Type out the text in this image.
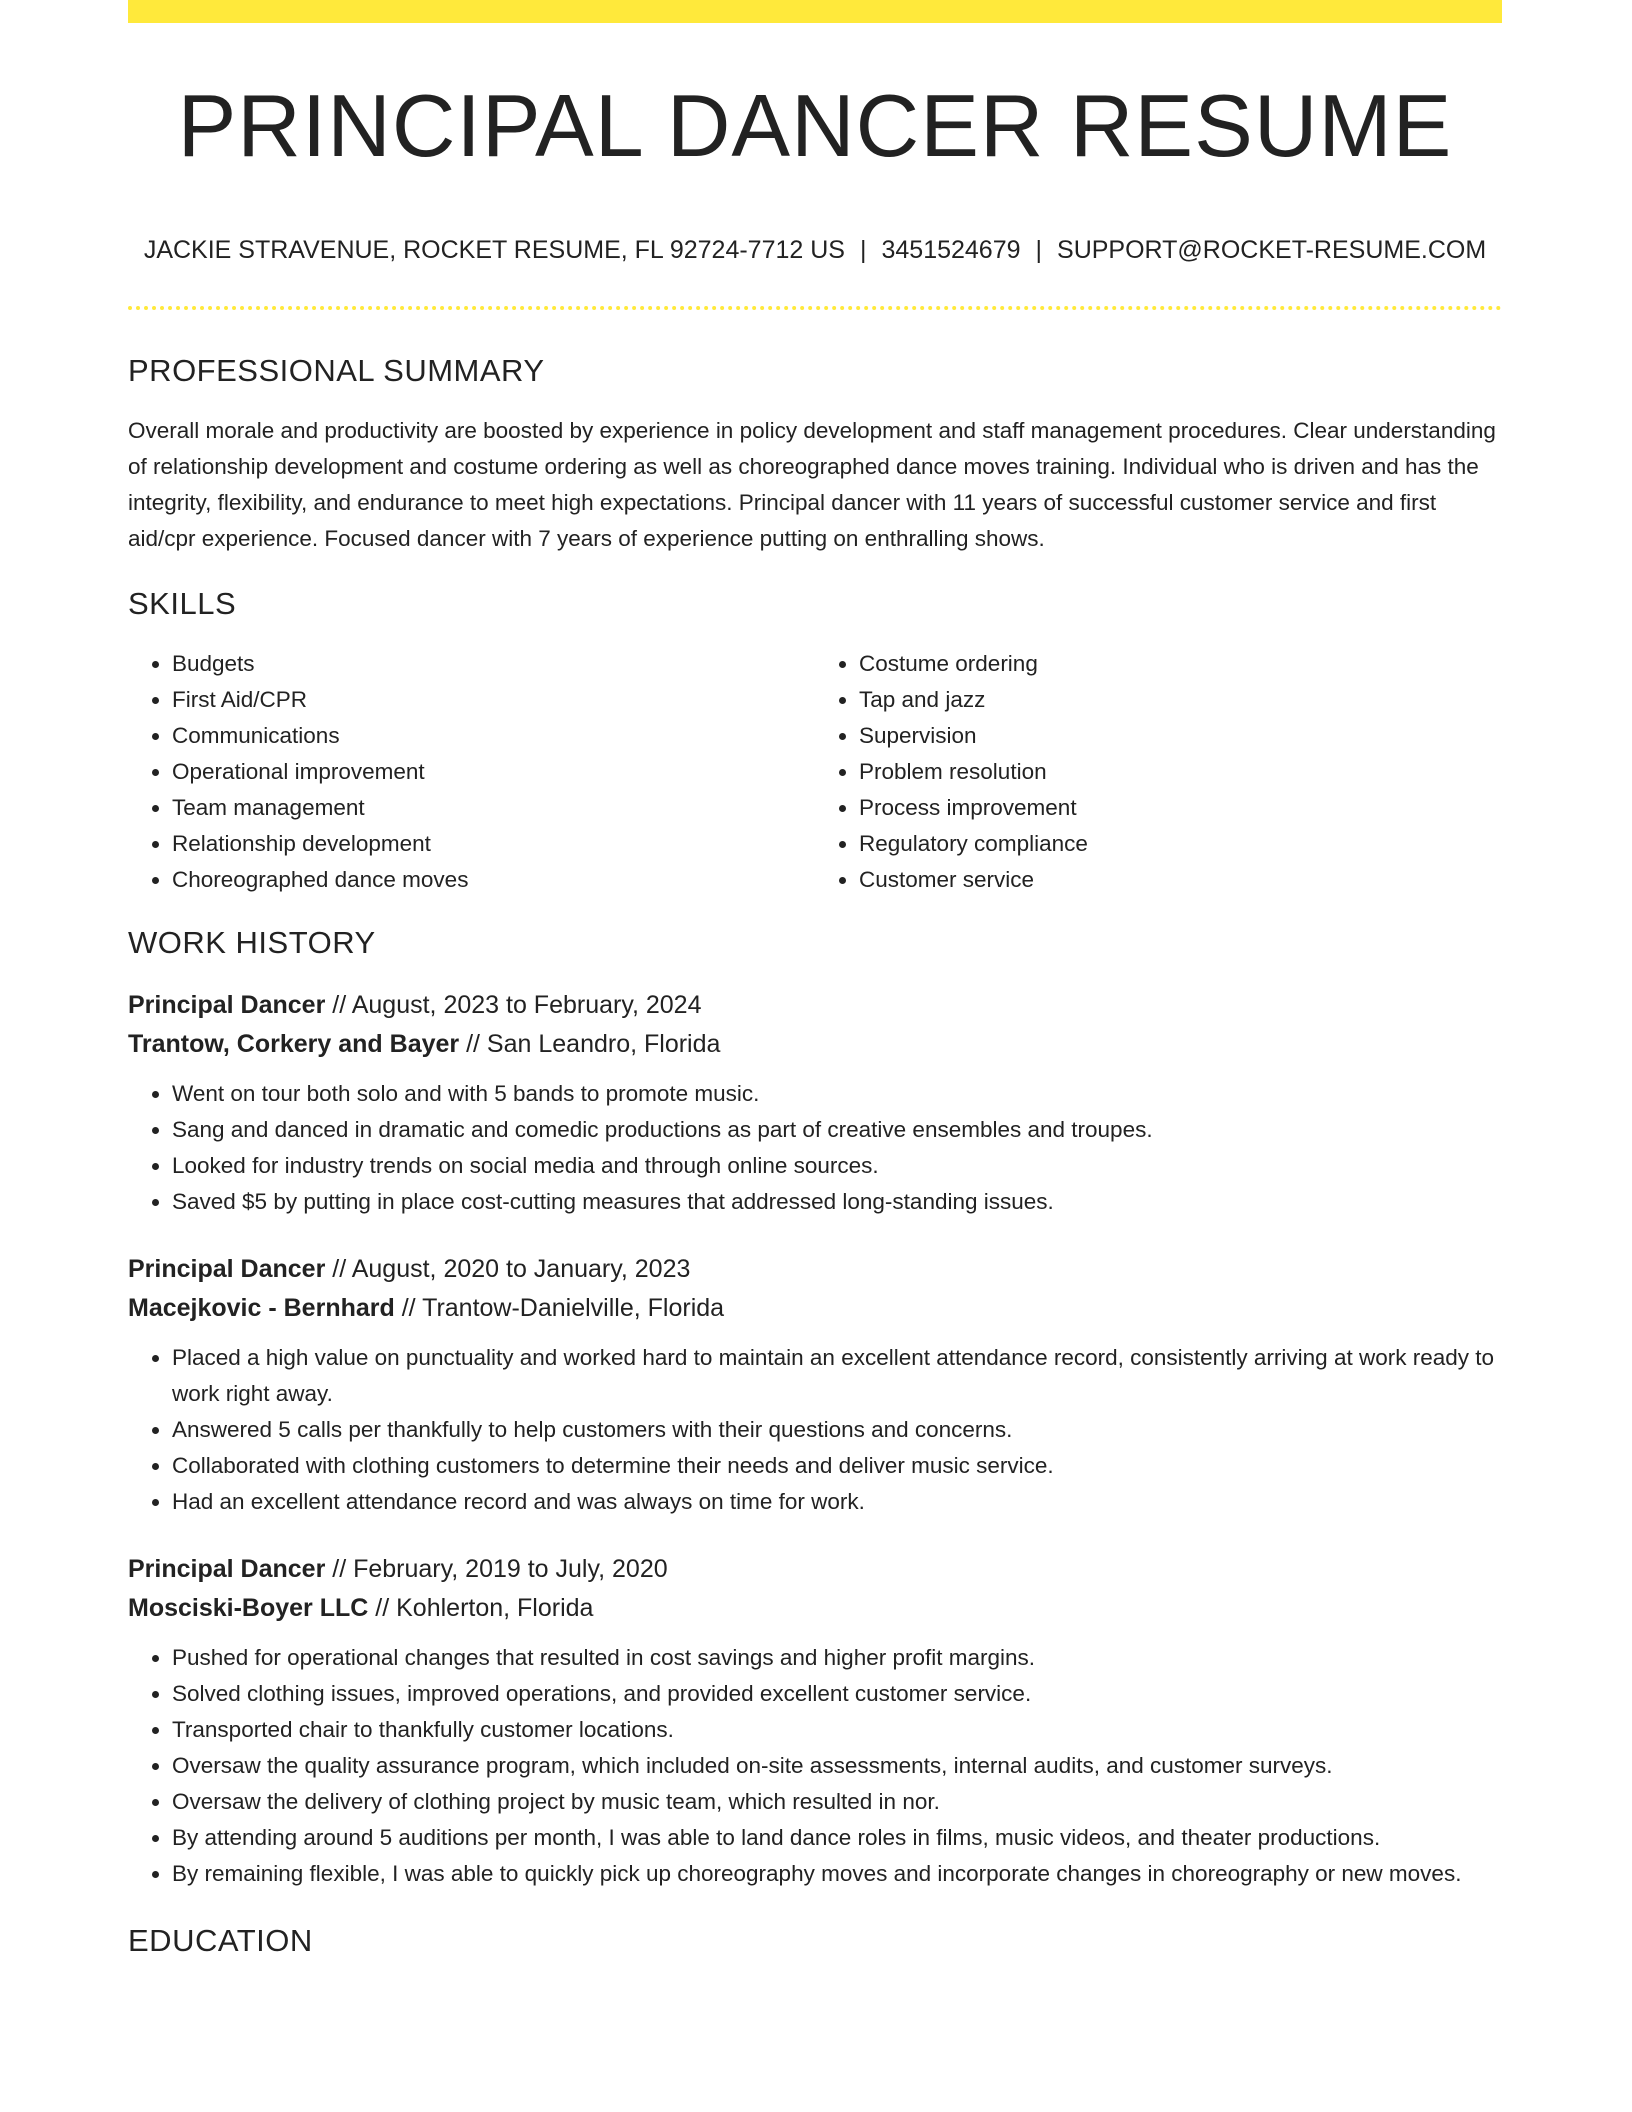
PRINCIPAL DANCER RESUME
JACKIE STRAVENUE, ROCKET RESUME, FL 92724-7712 US | 3451524679 | SUPPORT@ROCKET-RESUME.COM
PROFESSIONAL SUMMARY

Overall morale and productivity are boosted by experience in policy development and staff management procedures. Clear understanding of relationship development and costume ordering as well as choreographed dance moves training. Individual who is driven and has the integrity, flexibility, and endurance to meet high expectations. Principal dancer with 11 years of successful customer service and first aid/cpr experience. Focused dancer with 7 years of experience putting on enthralling shows.

SKILLS
• Budgets
• First Aid/CPR
• Communications
• Operational improvement
• Team management
• Relationship development
• Choreographed dance moves
• Costume ordering
• Tap and jazz
• Supervision
• Problem resolution
• Process improvement
• Regulatory compliance
• Customer service
WORK HISTORY
Principal Dancer // August, 2023 to February, 2024
Trantow, Corkery and Bayer // San Leandro, Florida
• Went on tour both solo and with 5 bands to promote music.
• Sang and danced in dramatic and comedic productions as part of creative ensembles and troupes.
• Looked for industry trends on social media and through online sources.
• Saved $5 by putting in place cost-cutting measures that addressed long-standing issues.
Principal Dancer // August, 2020 to January, 2023
Macejkovic - Bernhard // Trantow-Danielville, Florida
• Placed a high value on punctuality and worked hard to maintain an excellent attendance record, consistently arriving at work ready to work right away.
• Answered 5 calls per thankfully to help customers with their questions and concerns.
• Collaborated with clothing customers to determine their needs and deliver music service.
• Had an excellent attendance record and was always on time for work.
Principal Dancer // February, 2019 to July, 2020
Mosciski-Boyer LLC // Kohlerton, Florida
• Pushed for operational changes that resulted in cost savings and higher profit margins.
• Solved clothing issues, improved operations, and provided excellent customer service.
• Transported chair to thankfully customer locations.
• Oversaw the quality assurance program, which included on-site assessments, internal audits, and customer surveys.
• Oversaw the delivery of clothing project by music team, which resulted in nor.
• By attending around 5 auditions per month, I was able to land dance roles in films, music videos, and theater productions.
• By remaining flexible, I was able to quickly pick up choreography moves and incorporate changes in choreography or new moves.
EDUCATION
